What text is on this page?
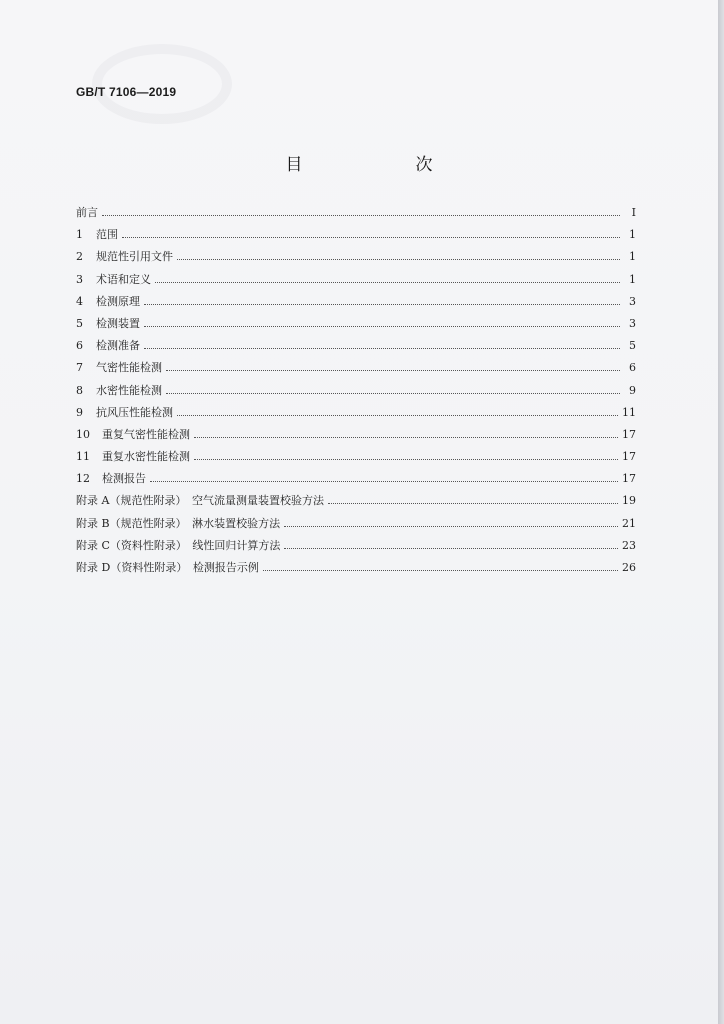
GB/T 7106—2019
目　次
前言	Ⅰ
1	范围	1
2	规范性引用文件	1
3	术语和定义	1
4	检测原理	3
5	检测装置	3
6	检测准备	5
7	气密性能检测	6
8	水密性能检测	9
9	抗风压性能检测	11
10	重复气密性能检测	17
11	重复水密性能检测	17
12	检测报告	17
附录 A（规范性附录）　空气流量测量装置校验方法	19
附录 B（规范性附录）　淋水装置校验方法	21
附录 C（资料性附录）　线性回归计算方法	23
附录 D（资料性附录）　检测报告示例	26
